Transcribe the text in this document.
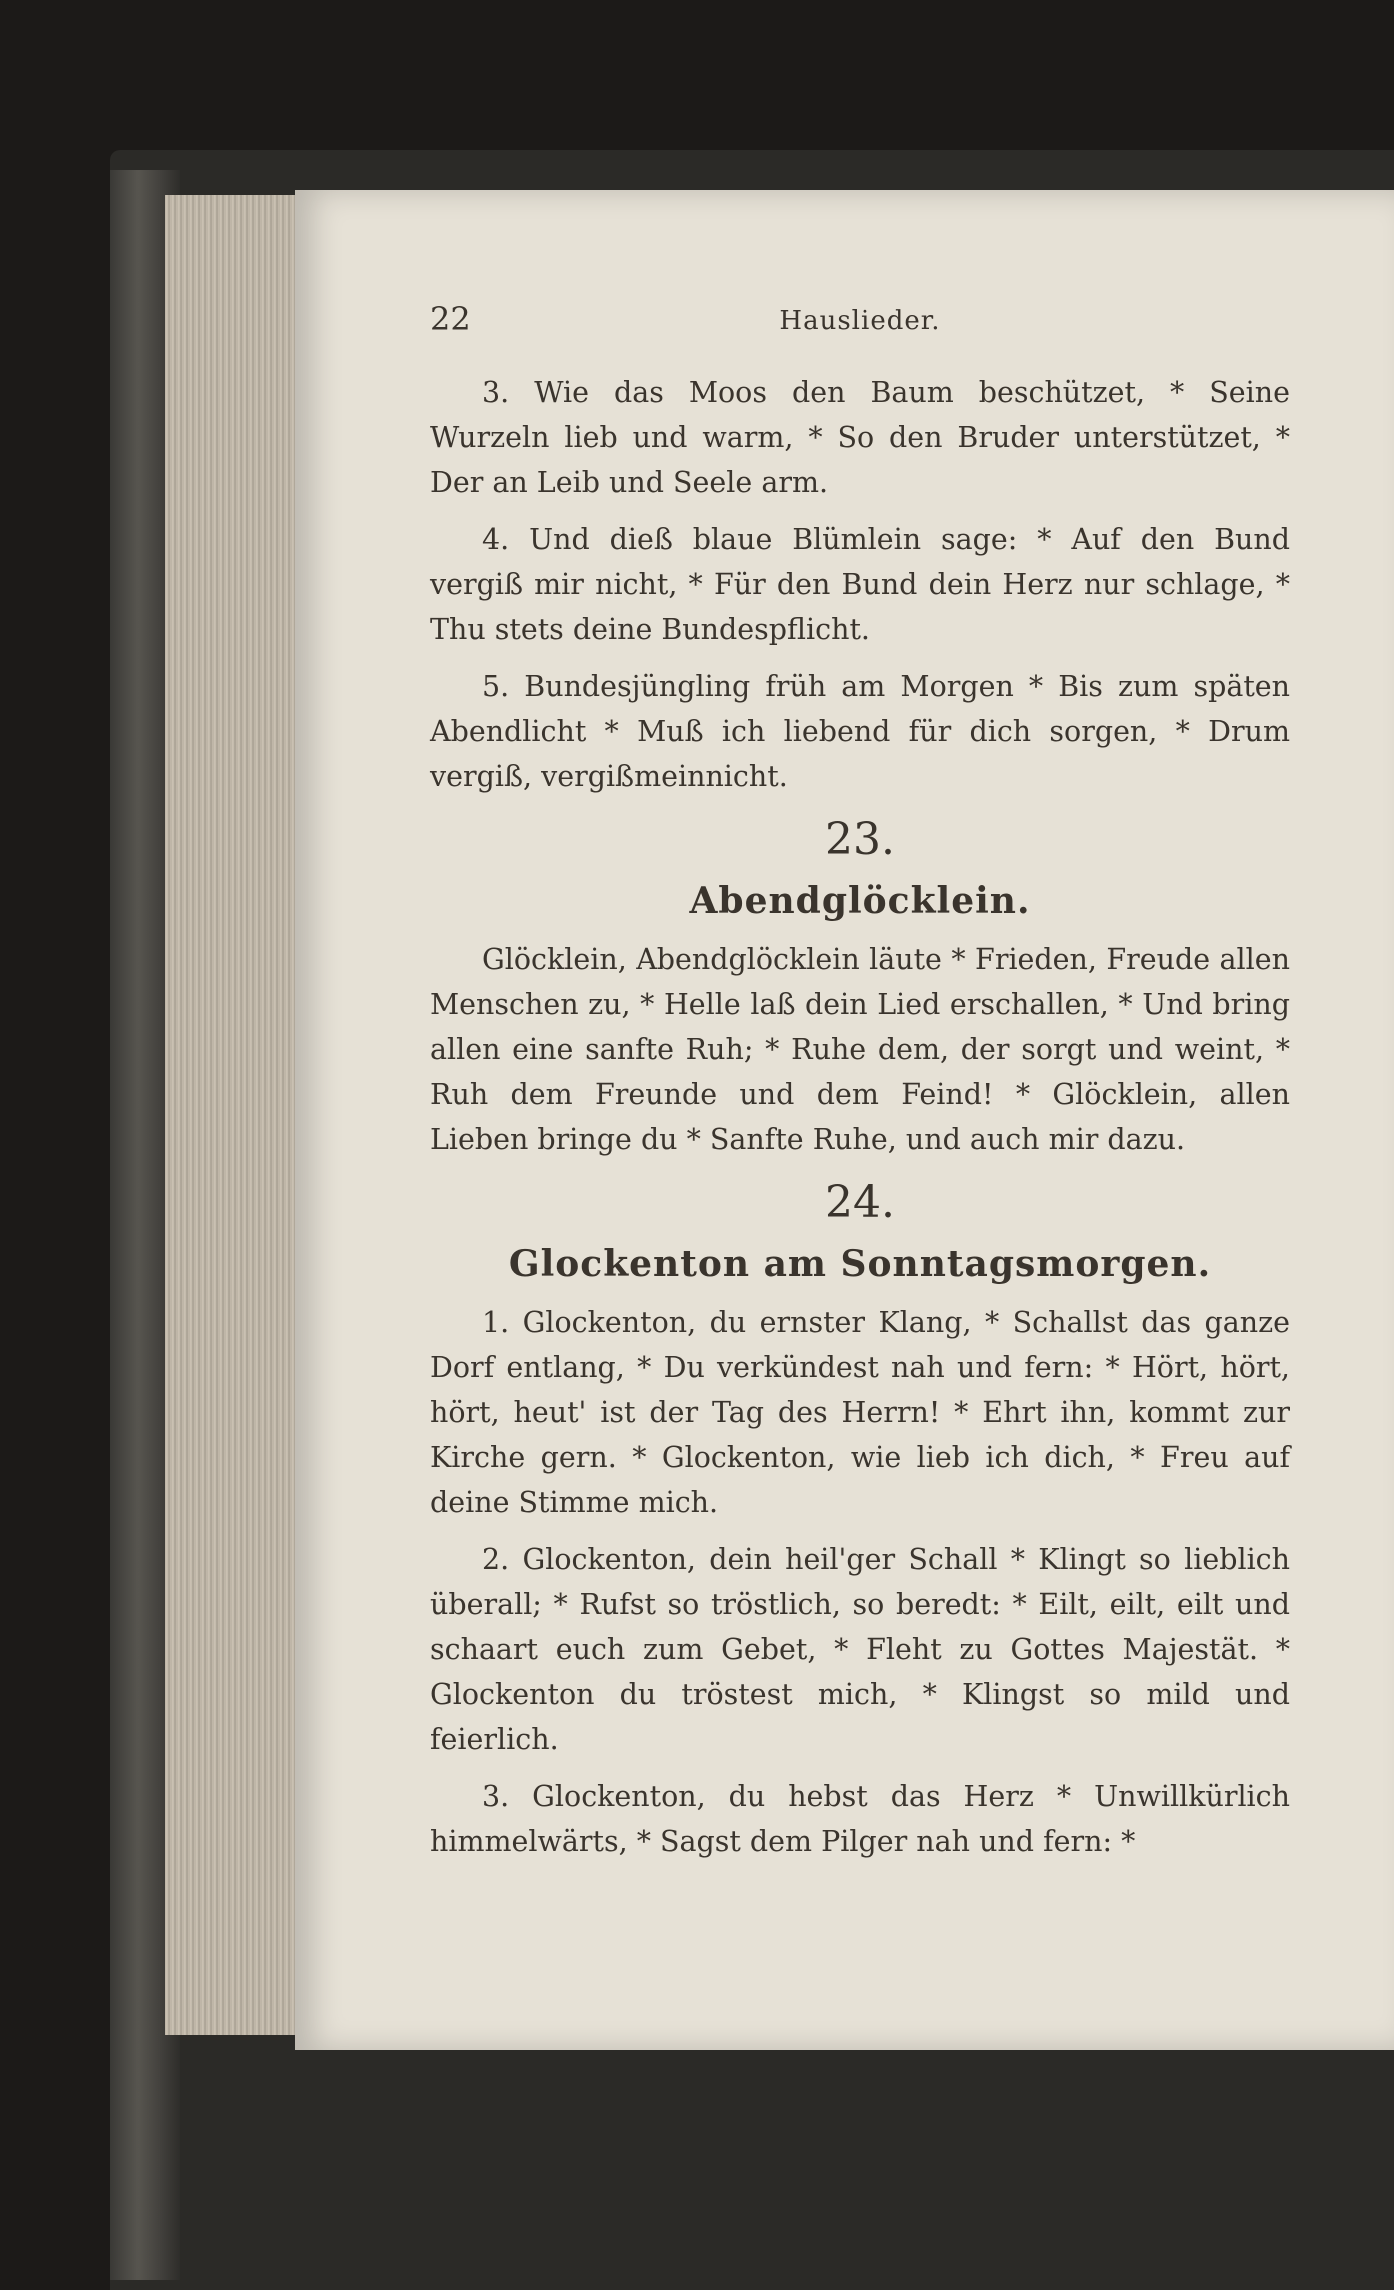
22	Hauslieder.

3. Wie das Moos den Baum beschützet, * Seine Wurzeln lieb und warm, * So den Bruder unterstützet, * Der an Leib und Seele arm.

4. Und dieß blaue Blümlein sage: * Auf den Bund vergiß mir nicht, * Für den Bund dein Herz nur schlage, * Thu stets deine Bundespflicht.

5. Bundesjüngling früh am Morgen * Bis zum späten Abendlicht * Muß ich liebend für dich sorgen, * Drum vergiß, vergißmeinnicht.

23.
Abendglöcklein.

Glöcklein, Abendglöcklein läute * Frieden, Freude allen Menschen zu, * Helle laß dein Lied erschallen, * Und bring allen eine sanfte Ruh; * Ruhe dem, der sorgt und weint, * Ruh dem Freunde und dem Feind! * Glöcklein, allen Lieben bringe du * Sanfte Ruhe, und auch mir dazu.

24.
Glockenton am Sonntagsmorgen.

1. Glockenton, du ernster Klang, * Schallst das ganze Dorf entlang, * Du verkündest nah und fern: * Hört, hört, hört, heut' ist der Tag des Herrn! * Ehrt ihn, kommt zur Kirche gern. * Glockenton, wie lieb ich dich, * Freu auf deine Stimme mich.

2. Glockenton, dein heil'ger Schall * Klingt so lieblich überall; * Rufst so tröstlich, so beredt: * Eilt, eilt, eilt und schaart euch zum Gebet, * Fleht zu Gottes Majestät. * Glockenton du tröstest mich, * Klingst so mild und feierlich.

3. Glockenton, du hebst das Herz * Unwillkürlich himmelwärts, * Sagst dem Pilger nah und fern: *
